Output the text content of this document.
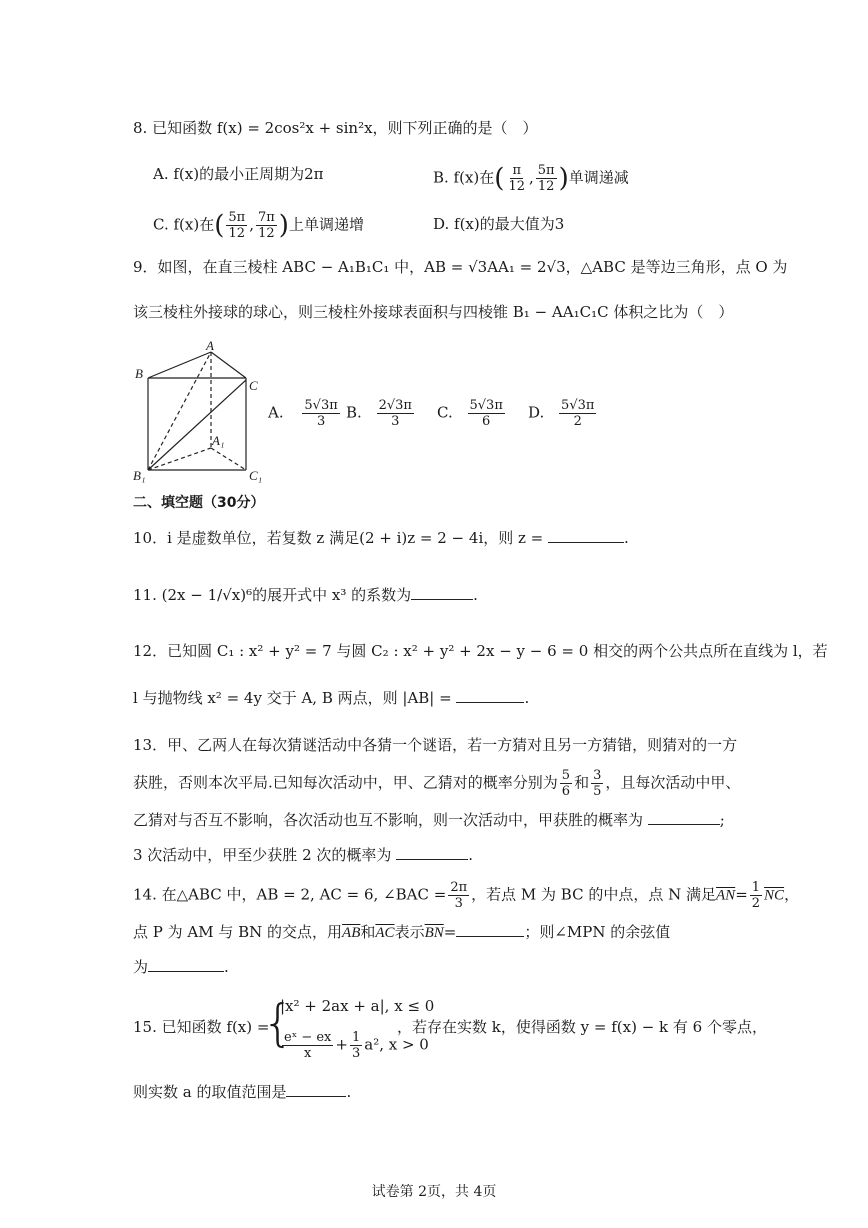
8. 已知函数 f(x) = 2cos²x + sin²x，则下列正确的是（　）
A. f(x)的最小正周期为2π	B. f(x)在( $\frac{\pi}{12}$ , $\frac{5\pi}{12}$ )单调递减
C. f(x)在( $\frac{5\pi}{12}$ , $\frac{7\pi}{12}$ )上单调递增	D. f(x)的最大值为3
9．如图，在直三棱柱 ABC − A₁B₁C₁ 中，AB = √3AA₁ = 2√3，△ABC 是等边三角形，点 O 为
该三棱柱外接球的球心，则三棱柱外接球表面积与四棱锥 B₁ − AA₁C₁C 体积之比为（　）
A
B
C
A₁
B₁	C₁
A. $\frac{5√3\pi}{3} B$. $\frac{2√3\pi}{3} C$. $\frac{5√3\pi}{6} D$. $\frac{5√3\pi}{2}$
二、填空题（30分）
10．i 是虚数单位，若复数 z 满足(2 + i)z = 2 − 4i，则 z =	.
11. (2x − 1/√x)⁶的展开式中 x³ 的系数为	.
12．已知圆 C₁ : x² + y² = 7 与圆 C₂ : x² + y² + 2x − y − 6 = 0 相交的两个公共点所在直线为 l，若
l 与抛物线 x² = 4y 交于 A, B 两点，则 |AB| =	.
13．甲、乙两人在每次猜谜活动中各猜一个谜语，若一方猜对且另一方猜错，则猜对的一方
获胜，否则本次平局.已知每次活动中，甲、乙猜对的概率分别为 $\frac{5}{6}$ 和 $\frac{3}{5}$ ，且每次活动中甲、
乙猜对与否互不影响，各次活动也互不影响，则一次活动中，甲获胜的概率为	;
3 次活动中，甲至少获胜 2 次的概率为	.
14. 在△ABC 中，AB = 2, AC = 6, ∠BAC = $\frac{2\pi}{3}$ ，若点 M 为 BC 的中点，点 N 满足$\overline{AN}= \frac{1}{2} \overline{NC}$，
点 P 为 AM 与 BN 的交点，用$\overline{AB}$和$\overline{AC}$表示$\overline{BN}=$	；则∠MPN 的余弦值
为	.
15. 已知函数 f(x) =
{
|x² + 2ax + a|, x ≤ 0
$\frac{\text{eˣ − ex}}{x} + \frac{1}{3} a^2$, x > 0
，若存在实数 k，使得函数 y = f(x) − k 有 6 个零点，
则实数 a 的取值范围是	.
试卷第 2页，共 4页
